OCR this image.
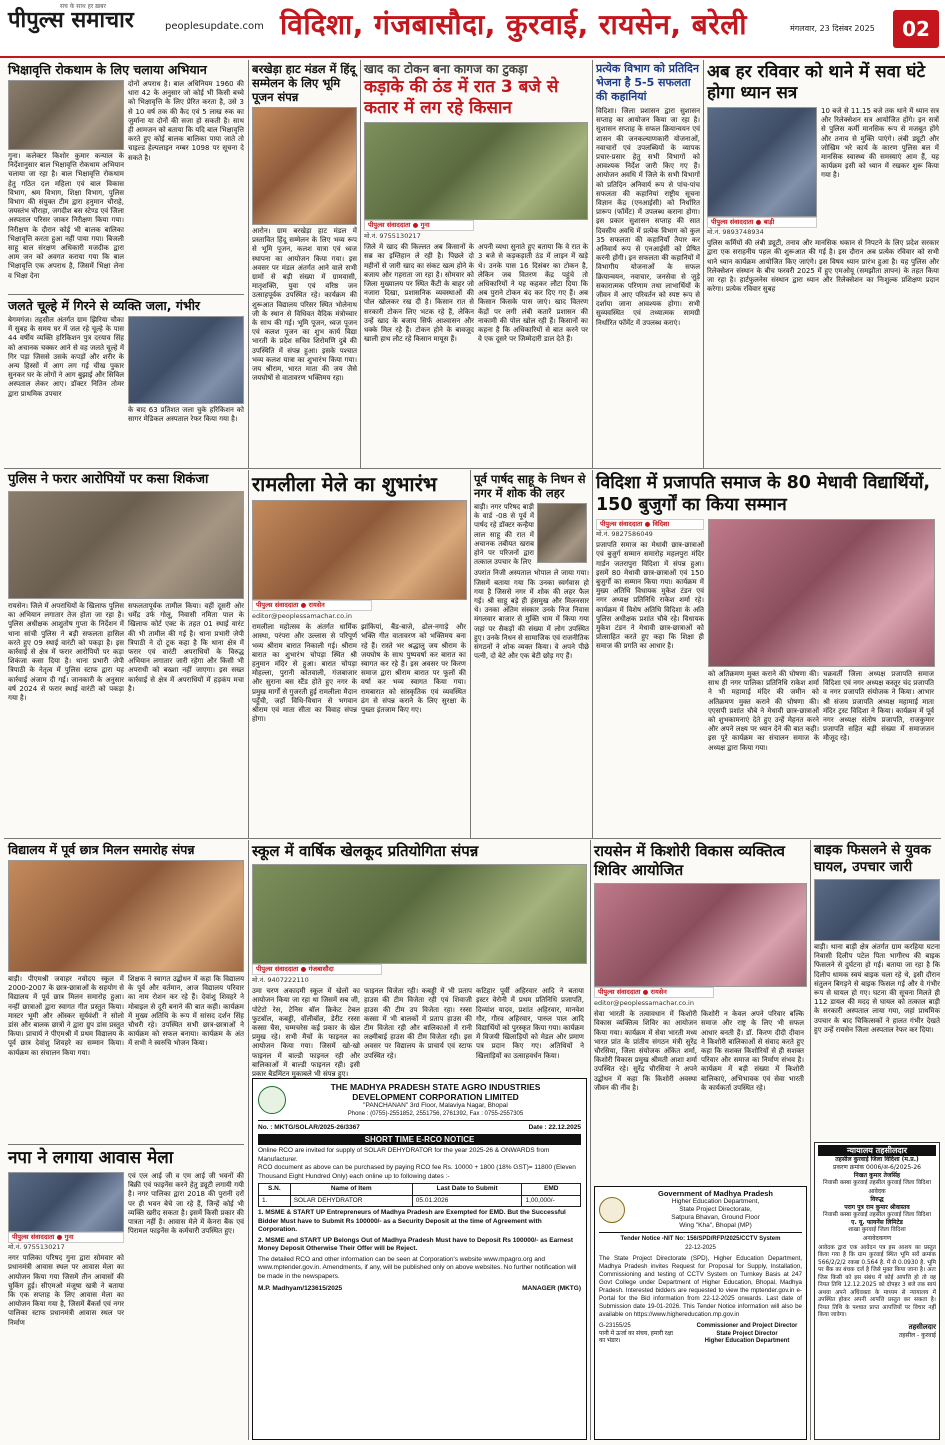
पीपुल्स समाचार
सच के साथ हर ख़बर
peoplesupdate.com विदिशा, गंजबासौदा, कुरवाई, रायसेन, बरेली	मंगलवार, 23 दिसंबर 2025	02
भिक्षावृत्ति रोकथाम के लिए चलाया अभियान

गुना। कलेक्टर किशोर कुमार कन्याल के निर्देशानुसार बाल भिक्षावृत्ति रोकथाम अभियान चलाया जा रहा है। बाल भिक्षावृत्ति रोकथाम हेतु गठित दल महिला एवं बाल विकास विभाग, श्रम विभाग, शिक्षा विभाग, पुलिस विभाग की संयुक्त टीम द्वारा हनुमान चौराहे, जयस्तंभ चौराहा, जगदीश बस स्टेण्ड एवं जिला अस्पताल परिसर जाकर निरीक्षण किया गया। निरीक्षण के दौरान कोई भी बालक बालिका भिक्षावृत्ति करता हुआ नहीं पाया गया। बिजली साहू बाल संरक्षण अधिकारी मजदीक द्वारा आम जन को अवगत कराया गया कि बाल भिक्षावृत्ति एक अपराध है, जिसमें भिक्षा लेना व भिक्षा देना

दोनों अपराध है। बाल अधिनियम 1960 की धारा 42 के अनुसार जो कोई भी किसी बच्चे को भिक्षावृत्ति के लिए प्रेरित करता है, उसे 3 से 10 वर्ष तक की कैद एवं 5 लाख रुक का जुर्माना या दोनों की सजा हो सकती है। साथ ही आमजन को बताया कि यदि बाल भिक्षावृत्ति करते हुए कोई बालक बालिका पाया जाते तो चाइल्ड हेल्पलाइन नम्बर 1098 पर सूचना दे सकते है।

जलते चूल्हे में गिरने से व्यक्ति जला, गंभीर

बेगमगंज। तहसील अंतर्गत ग्राम झिरिया चौका में सुबह के समय घर में जल रहे चूल्हे के पास 44 वर्षीय व्यक्ति हरिकिशन पुत्र दरयाव सिंह को अचानक चक्कर आने से वह जलते चूल्हे में गिर पड़ा जिससे उसके कपड़ों और शरीर के अन्य हिस्सों में आग लग गई चीख पुकार सुनकर घर के लोगों ने आग बुझाई और सिविल अस्पताल लेकर आए। डॉक्टर नितिन तोमर द्वारा प्राथमिक उपचार

के बाद 63 प्रतिशत जला चुके हरिकिशन को सागर मेडिकल अस्पताल रेफर किया गया है।

बरखेड़ा हाट मंडल में हिंदू सम्मेलन के लिए भूमि पूजन संपन्न

आरोन। ग्राम बरखेड़ा हाट मंडल में प्रस्तावित हिंदू सम्मेलन के लिए भव्य रूप से भूमि पूजन, कलश यात्रा एवं ध्वज स्थापना का आयोजन किया गया। इस अवसर पर मंडल अंतर्गत आने वाले सभी ग्रामों से बड़ी संख्या में ग्रामवासी, मातृशक्ति, युवा एवं वरिष्ठ जन उत्साहपूर्वक उपस्थित रहे। कार्यक्रम की शुरूआत विद्यालय परिसर स्थित भोलेनाथ जी के स्थान से विधिवत वैदिक मंत्रोच्चार के साथ की गई। भूमि पूजन, ध्वज पूजन एवं कलश पूजन का शुभ कार्य विद्या भारती के प्रदेश सचिव शिरोमणि दुबे की उपस्थिति में संपन्न हुआ। इसके पश्चात भव्य कलश यात्रा का शुभारंभ किया गया। जय श्रीराम, भारत माता की जय जैसे जयघोषों से वातावरण भक्तिमय रहा।

खाद का टोकन बना कागज का टुकड़ा
कड़ाके की ठंड में रात 3 बजे से कतार में लग रहे किसान
पीपुल्स संवाददाता ● गुना
मो.नं. 9755130217

जिले में खाद की किल्लत अब किसानों के सब्र का इम्तिहान ले रही है। पिछले दो महीनों से जारी खाद का संकट खत्म होने के बजाय और गहराता जा रहा है। सोमवार को जिला मुख्यालय पर स्थित कैंटी के बाहर जो नजारा दिखा, प्रशासनिक व्यवस्थाओं की पोल खोलकर रख दी है। किसान रात से सरकारी टोकन लिए भटक रहे हैं, लेकिन उन्हें खाद के बजाय सिर्फ आश्वासन और धक्के मिल रहे हैं। टोकन होने के बावजूद खाली हाथ लौट रहे किसान मायूस हैं।

अपनी व्यथा सुनाते हुए बताया कि वे रात के 3 बजे से कड़कड़ाती ठंड में लाइन में खड़े थे। उनके पास 16 दिसंबर का टोकन है, लेकिन जब वितरण केंद्र पहुंचे तो अधिकारियों ने यह कहकर लौटा दिया कि अब पुराने टोकन बंद कर दिए गए हैं। अब किसान किसके पास जाएं। खाद वितरण केंद्रों पर लगी लंबी कतारें प्रशासन की नाकामी की पोल खोल रही हैं। किसानों का कहना है कि अधिकारियों से बात करने पर वे एक दूसरे पर जिम्मेदारी डाल देते हैं।

प्रत्येक विभाग को प्रतिदिन भेजना है 5-5 सफलता की कहानियां

विदिशा। जिला प्रशासन द्वारा सुशासन सप्ताह का आयोजन किया जा रहा है। सुशासन सप्ताह के सफल क्रियान्वयन एवं शासन की जनकल्याणकारी योजनाओं, नवाचारों एवं उपलब्धियों के व्यापक प्रचार-प्रसार हेतु सभी विभागों को आवश्यक निर्देश जारी किए गए हैं। आयोजन अवधि में जिले के सभी विभागों को प्रतिदिन अनिवार्य रूप से पांच-पांच सफलता की कहानियां राष्ट्रीय सूचना विज्ञान केंद्र (एनआईसी) को निर्धारित प्रारूप (फॉर्मेट) में उपलब्ध कराना होगा। इस प्रकार सुशासन सप्ताह की सात दिवसीय अवधि में प्रत्येक विभाग को कुल 35 सफलता की कहानियाँ तैयार कर अनिवार्य रूप से एनआईसी को प्रेषित करनी होंगी। इन सफलता की कहानियों में विभागीय योजनाओं के सफल क्रियान्वयन, नवाचार, जनसेवा से जुड़े सकारात्मक परिणाम तथा लाभार्थियों के जीवन में आए परिवर्तन को स्पष्ट रूप से दर्शाया जाना आवश्यक होगा। सभी सुव्यवस्थित एवं तथ्यात्मक सामग्री निर्धारित फॉर्मेट में उपलब्ध कराएं।

अब हर रविवार को थाने में सवा घंटे होगा ध्यान सत्र
पीपुल्स संवाददाता ● बाड़ी
मो.नं. 9893748934

10 बजे से 11.15 बजे तक थाने में ध्यान सत्र और रिलेक्सेशन सत्र आयोजित होंगे। इन सत्रों से पुलिस कर्मी मानसिक रूप से मजबूत होंगे और तनाव से मुक्ति पाएंगे। लंबी ड्यूटी और जोखिम भरे कार्य के कारण पुलिस बल में मानसिक स्वास्थ्य की समस्याएं आम हैं, यह कार्यक्रम इसी को ध्यान में रखकर शुरू किया गया है।

पुलिस कर्मियों की लंबी ड्यूटी, तनाव और मानसिक थकान से निपटने के लिए प्रदेश सरकार द्वारा एक सराहनीय पहल की शुरूआत की गई है। इस दौरान अब प्रत्येक रविवार को सभी थाने ध्यान कार्यक्रम आयोजित किए जाएंगे। इस विषय ध्यान प्रारंभ हुआ है। यह पुलिस और रिलेक्सेशन संस्थान के बीच फरवरी 2025 में हुए एमओयू (समझौता ज्ञापन) के तहत किया जा रहा है। हार्टफुलनेस संस्थान द्वारा ध्यान और रिलेक्सेशन का निःशुल्क प्रशिक्षण प्रदान करेगा। प्रत्येक रविवार सुबह

पुलिस ने फरार आरोपियों पर कसा शिकंजा

रायसेन। जिले में अपराधियों के खिलाफ पुलिस का अभियान लगातार तेज होता जा रहा है। पुलिस अधीक्षक आशुतोष गुप्ता के निर्देशन में थाना सांची पुलिस ने बड़ी सफलता हासिल करते हुए 09 स्थाई वारंटी को पकड़ा है। इस कार्रवाई से क्षेत्र में फरार आरोपियों पर कड़ा शिकंजा कसा दिया है। थाना प्रभारी जेपी त्रिपाठी के नेतृत्व में पुलिस स्टाफ द्वारा यह कार्रवाई अंजाम दी गई। जानकारी के अनुसार वर्ष 2024 से फरार स्थाई वारंटी को पकड़ा गया है।

सफलतापूर्वक तामील किया। वहीं दूसरी ओर धर्मेंद्र उर्फ गोलू, निवासी नमिता पाल के खिलाफ कोर्ट एक्ट के तहत 01 स्थाई वारंट की भी तामील की गई है। थाना प्रभारी जेपी त्रिपाठी ने दो टूक कहा है कि थाना क्षेत्र में फरार एवं वारंटी अपराधियों के विरुद्ध अभियान लगातार जारी रहेगा और किसी भी अपराधी को बख्शा नहीं जाएगा। इस सख्त कार्रवाई से क्षेत्र में अपराधियों में हड़कंप मचा है।

रामलीला मेले का शुभारंभ
पीपुल्स संवाददाता ● रायसेन
editor@peoplessamachar.co.in

रामलीला महोत्सव के अंतर्गत धार्मिक आस्था, परंपरा और उल्लास से परिपूर्ण भव्य श्रीराम बारात निकाली गई। श्रीराम बारात का शुभारंभ चोपड़ा स्थित श्री हनुमान मंदिर से हुआ। बारात चोपड़ा मोहल्ला, पुरानी कोतवाली, गंजबाजार और सुराना बस स्टैंड होते हुए नगर के प्रमुख मार्गों से गुजरती हुई रामलीला मैदान पहुँची, जहाँ विधि-विधान से भगवान श्रीराम एवं माता सीता का विवाह संपन्न होगा।

झांकियां, बैंड-बाजे, ढोल-नगाड़े और भक्ति गीत वातावरण को भक्तिमय बना रहे हैं। रास्ते भर श्रद्धालु जय श्रीराम के जयघोष के साथ पुष्पवर्षा कर बारात का स्वागत कर रहे हैं। इस अवसर पर किरण समाज द्वारा श्रीराम बारात पर फूलों की वर्षा कर भव्य स्वागत किया गया। रामबारात को सांस्कृतिक एवं व्यवस्थित ढंग से संपन्न कराने के लिए सुरक्षा के पुख्ता इंतजाम किए गए।

पूर्व पार्षद साहू के निधन से नगर में शोक की लहर

बाड़ी। नगर परिषद बाड़ी के वार्ड -08 से पूर्व में पार्षद रहे डॉक्टर कन्हैया लाल साहू की रात में अचानक तबीयत खराब होने पर परिजनों द्वारा तत्काल उपचार के लिए

उपरांत निजी अस्पताल भोपाल ले जाया गया। जिसमें बताया गया कि उनका स्वर्गवास हो गया है जिससे नगर में शोक की लहर फैल गई। श्री साहू बड़े ही हंसमुख और मिलनसार थे। उनका अंतिम संस्कार उनके निज निवास मंगलवार बाजार से मुक्ति धाम में किया गया जहां पर सैकड़ों की संख्या में लोग उपस्थित हुए। उनके निधन से सामाजिक एवं राजनीतिक संगठनों ने शोक व्यक्त किया। वे अपने पीछे पत्नी, दो बेटे और एक बेटी छोड़ गए हैं।

विदिशा में प्रजापति समाज के 80 मेधावी विद्यार्थियों, 150 बुजुर्गों का किया सम्मान
पीपुल्स संवाददाता ● विदिशा
मो.नं. 9827586049

प्रजापति समाज का मेधावी छात्र-छात्राओं एवं बुजुर्ग सम्मान समारोह महलपुरा मंदिर गार्डन जतरापुरा विदिशा में संपन्न हुआ। इसमें 80 मेधावी छात्र-छात्राओं एवं 150 बुजुर्गों का सम्मान किया गया। कार्यक्रम में मुख्य अतिथि विधायक मुकेश टंडन एवं नगर अध्यक्ष प्रतिनिधि राकेश शर्मा रहे। कार्यक्रम में विशेष अतिथि विदिशा के अति पुलिस अधीक्षक प्रशांत चौबे रहे। विधायक मुकेश टंडन ने मेधावी छात्र-छात्राओं को प्रोत्साहित करते हुए कहा कि शिक्षा ही समाज की प्रगति का आधार है।

को अतिक्रमण मुक्त कराने की घोषणा की। साथ ही नगर पालिका प्रतिनिधि राकेश शर्मा ने भी महामाई मंदिर की जमीन को अतिक्रमण मुक्त कराने की घोषणा की। एएसपी प्रशांत चौबे ने मेधावी छात्र-छात्राओं को शुभकामनाएं देते हुए उन्हें मेहनत करने और अपने लक्ष्य पर ध्यान देने की बात कही। इस पूरे कार्यक्रम का संचालन समाज के अध्यक्ष द्वारा किया गया।

चक्रवर्ती जिला अध्यक्ष प्रजापति समाज विदिशा एवं नगर अध्यक्ष कस्तूर चंद प्रजापति व नगर प्रजापति संयोजक ने किया। आभार श्री संजय प्रजापति अध्यक्ष महामाई माता मंदिर ट्रस्ट विदिशा ने किया। कार्यक्रम में पूर्व नगर अध्यक्ष संतोष प्रजापति, राजकुमार प्रजापति सहित बड़ी संख्या में समाजजन मौजूद रहे।

विद्यालय में पूर्व छात्र मिलन समारोह संपन्न

बाड़ी। पीएमश्री जवाहर नवोदय स्कूल में 2000-2007 के छात्र-छात्राओं के सहयोग से विद्यालय में पूर्व छात्र मिलन समारोह हुआ। नन्हीं छात्राओं द्वारा स्वागत गीत प्रस्तुत किया। मास्टर भूमी और ऑस्कर सूर्यवंशी ने सोलो डांस और बालक छात्रों ने द्वारा ग्रुप डांस प्रस्तुत किया। प्राचार्य ने पीएमश्री में प्रथम विद्यालय के पूर्व छात्र देवांशु शिवहरे का सम्मान किया। कार्यक्रम का संचालन किया गया।

शिक्षक ने स्वागत उद्बोधन में कहा कि विद्यालय के पूर्व और वर्तमान, आज विद्यालय परिवार का नाम रोशन कर रहे हैं। देवांशु शिवहरे ने मोबाइल से दूरी बनाने की बात कही। कार्यक्रम में मुख्य अतिथि के रूप में सांसद दर्शन सिंह चौधरी रहे। उपस्थित सभी छात्र-छात्राओं ने कार्यक्रम को सफल बनाया। कार्यक्रम के अंत में सभी ने स्वरुचि भोजन किया।

नपा ने लगाया आवास मेला
पीपुल्स संवाददाता ● गुना
मो.नं. 9755130217

नगर पालिका परिषद गुना द्वारा सोमवार को प्रधानमंत्री आवास स्थल पर आवास मेला का आयोजन किया गया जिसमें तीन आवासों की चुकिंग हुई। सीएमओ मंजूषा खत्री ने बताया कि एक सप्ताह के लिए आवास मेला का आयोजन किया गया है, जिसमें बैंकर्स एवं नगर पालिका स्टाफ प्रधानमंत्री आवास स्थल पर निर्माण

एवं एल आई जी व एम आई जी भवनों की बिक्री एवं फाइनेंस करने हेतु ड्यूटी लगायी गयी है। नगर पालिका द्वारा 2018 की पुरानी दरों पर ही भवन बेचे जा रहे हैं, जिन्हें कोई भी व्यक्ति खरीद सकता है। इसमें किसी प्रकार की पात्रता नहीं है। आवास मेले में केनरा बैंक एवं पिरामल फाइनेंस के कर्मचारी उपस्थित हुए।

स्कूल में वार्षिक खेलकूद प्रतियोगिता संपन्न
पीपुल्स संवाददाता ● गंजबासौदा
मो.नं. 9407222110

उमा चरण अकादमी स्कूल में खेलों का आयोजन किया जा रहा था जिसमें सब जी, पोटेटो रेस, टेनिस बॉल क्रिकेट टेबल फुटबॉल, कबड्डी, वॉलीबॉल, डेरीट रस्सा कस्सा चैस, चम्मचरेस कई प्रकार के खेल प्रमुख रहे। सभी मैचों के फाइनल का आयोजन किया गया। जिसमें खो-खो फाइनल में बाल्डी फाइनल रही और बालिकाओं में बाल्डी फाइनल रही। इसी प्रकार बैडमिंटन मुकाबले भी संपन्न हुए।

फाइनल विजेता रही। कबड्डी में भी प्रताप हाउस की टीम विजेता रही एवं शिवाजी हाउस की टीम उप विजेता रहा। रस्सा कस्सा में भी बालकों में प्रताप हाउस की टीम विजेता रही और बालिकाओं में रानी लक्ष्मीबाई हाउस की टीम विजेता रही। इस अवसर पर विद्यालय के प्राचार्य एवं स्टाफ उपस्थित रहे।

कटिहार पूर्वी अहिरवार आदि ने बताया इस्टर वेरोनी में प्रथम प्रतिनिधि प्रजापति, दिव्यांश यादव, प्रशांत अहिरवार, मानवेश गौर, गौरव अहिरवार, पारुल पाल आदि विद्यार्थियों को पुरस्कृत किया गया। कार्यक्रम में विजयी खिलाड़ियों को मेडल और प्रमाण पत्र प्रदान किए गए। अतिथियों ने खिलाड़ियों का उत्साहवर्धन किया।

THE MADHYA PRADESH STATE AGRO INDUSTRIES
DEVELOPMENT CORPORATION LIMITED
"PANCHANAN" 3rd Floor, Malaviya Nagar, Bhopal
Phone : (0755)-2551852, 2551756, 2761392, Fax : 0755-2557305
No. : MKTG/SOLAR/2025-26/3367	Date : 22.12.2025
SHORT TIME E-RCO NOTICE

Online RCO are invited for supply of SOLAR DEHYDRATOR for the year 2025-26 & ONWARDS from Manufacturer.

RCO document as above can be purchased by paying RCO fee Rs. 10000 + 1800 (18% GST)= 11800 (Eleven Thousand Eight Hundred Only) each online up to following dates :-

S.N.	Name of Item	Last Date to Submit	EMD
1.	SOLAR DEHYDRATOR	05.01.2026	1,00,000/-

1. MSME & START UP Entrepreneurs of Madhya Pradesh are Exempted for EMD. But the Successful Bidder Must have to Submit Rs 100000/- as a Security Deposit at the time of Agreement with Corporation.

2. MSME and START UP Belongs Out of Madhya Pradesh Must have to Deposit Rs 100000/- as Earnest Money Deposit Otherwise Their Offer will be Reject.

The detailed RCO and other information can be seen at Corporation's website www.mpagro.org and www.mptender.gov.in. Amendments, if any, will be published only on above websites. No further notification will be made in the newspapers.

M.P. Madhyam/123615/2025	MANAGER (MKTG)
रायसेन में किशोरी विकास व्यक्तित्व शिविर आयोजित
पीपुल्स संवाददाता ● रायसेन
editor@peoplessamachar.co.in

सेवा भारती के तत्वावधान में किशोरी विकास व्यक्तित्व शिविर का आयोजन किया गया। कार्यक्रम में सेवा भारती मध्य भारत प्रांत के प्रांतीय संगठन मंत्री सुरेंद्र चौरसिया, जिला संयोजक अंकित शर्मा, किशोरी विकास प्रमुख श्रीमती आशा शर्मा उपस्थित रहे। सुरेंद्र चौरसिया ने अपने उद्बोधन में कहा कि किशोरी अवस्था जीवन की नींव है।

किशोरी न केवल अपने परिवार बल्कि समाज और राष्ट्र के लिए भी सफल आधार बनती हैं। डॉ. किरण दीदी दीवान ने किशोरी बालिकाओं से संवाद करते हुए कहा कि सशक्त किशोरियों से ही सशक्त परिवार और समाज का निर्माण संभव है। कार्यक्रम में बड़ी संख्या में किशोरी बालिकाएं, अभिभावक एवं सेवा भारती के कार्यकर्ता उपस्थित रहे।

Government of Madhya Pradesh
Higher Education Department,
State Project Directorate,
Satpura Bhavan, Ground Floor
Wing "Kha", Bhopal (MP)
Tender Notice -NIT No: 156/SPD/RFP/2025/CCTV System
22-12-2025

The State Project Directorate (SPD), Higher Education Department, Madhya Pradesh invites Request for Proposal for Supply, Installation, Commissioning and testing of CCTV System on Turnkey Basis at 247 Govt College under Department of Higher Education, Bhopal, Madhya Pradesh. Interested bidders are requested to view the mptender.gov.in e-Portal for the Bid information from 22-12-2025 onwards. Last date of Submission date 19-01-2026. This Tender Notice information will also be available on https://www.highereducation.mp.gov.in

G-23155/25
पानी में ऊर्जा का संचय, हमारी रक्षा का भंडार।
Commissioner and Project Director
State Project Director
Higher Education Department
बाइक फिसलने से युवक घायल, उपचार जारी

बाड़ी। थाना बाड़ी क्षेत्र अंतर्गत ग्राम करहिया घटना निवासी दिलीप पटेल पिता भागीरथ की बाइक फिसलने से दुर्घटना हो गई। बताया जा रहा है कि दिलीप धामक स्वयं बाइक चला रहे थे, इसी दौरान संतुलन बिगड़ने से बाइक फिसल गई और वे गंभीर रूप से घायल हो गए। घटना की सूचना मिलते ही 112 डायल की मदद से घायल को तत्काल बाड़ी के सरकारी अस्पताल लाया गया, जहां प्राथमिक उपचार के बाद चिकित्सकों ने हालत गंभीर देखते हुए उन्हें रायसेन जिला अस्पताल रेफर कर दिया।

न्यायालय तहसीलदार
तहसील कुरवाई जिला विदिशा (म.प्र.)
प्रकरण क्रमांक 0006/अ-6/2025-26
निखत कुमार तेजसिंह
निवासी कस्बा कुरवाई तहसील कुरवाई जिला विदिशा
आवेदक
विरुद्ध
पराग पुत्र राम कुमार श्रीवास्तव
निवासी कस्बा कुरवाई तहसील कुरवाई जिला विदिशा
ए. यू. फायनेंस लिमिटेड
शाखा कुरवाई जिला विदिशा
अनावेदकगण

आवेदक द्वारा एक आवेदन पत्र इस आशय का प्रस्तुत किया गया है कि ग्राम कुरवाई स्थित भूमि सर्वे क्रमांक 566/2/2/2 रकबा 0.564 है. में से 0.0930 है. भूमि पर बैंक का बंधक दर्ज है जिसे मुक्त किया जाना है। अतः जिस किसी को इस संबंध में कोई आपत्ति हो तो वह नियत तिथि 12.12.2025 को दोपहर 3 बजे तक स्वयं अथवा अपने अधिवक्ता के माध्यम से न्यायालय में उपस्थित होकर अपनी आपत्ति प्रस्तुत कर सकता है। नियत तिथि के पश्चात प्राप्त आपत्तियों पर विचार नहीं किया जावेगा।

तहसीलदार
तहसील - कुरवाई
